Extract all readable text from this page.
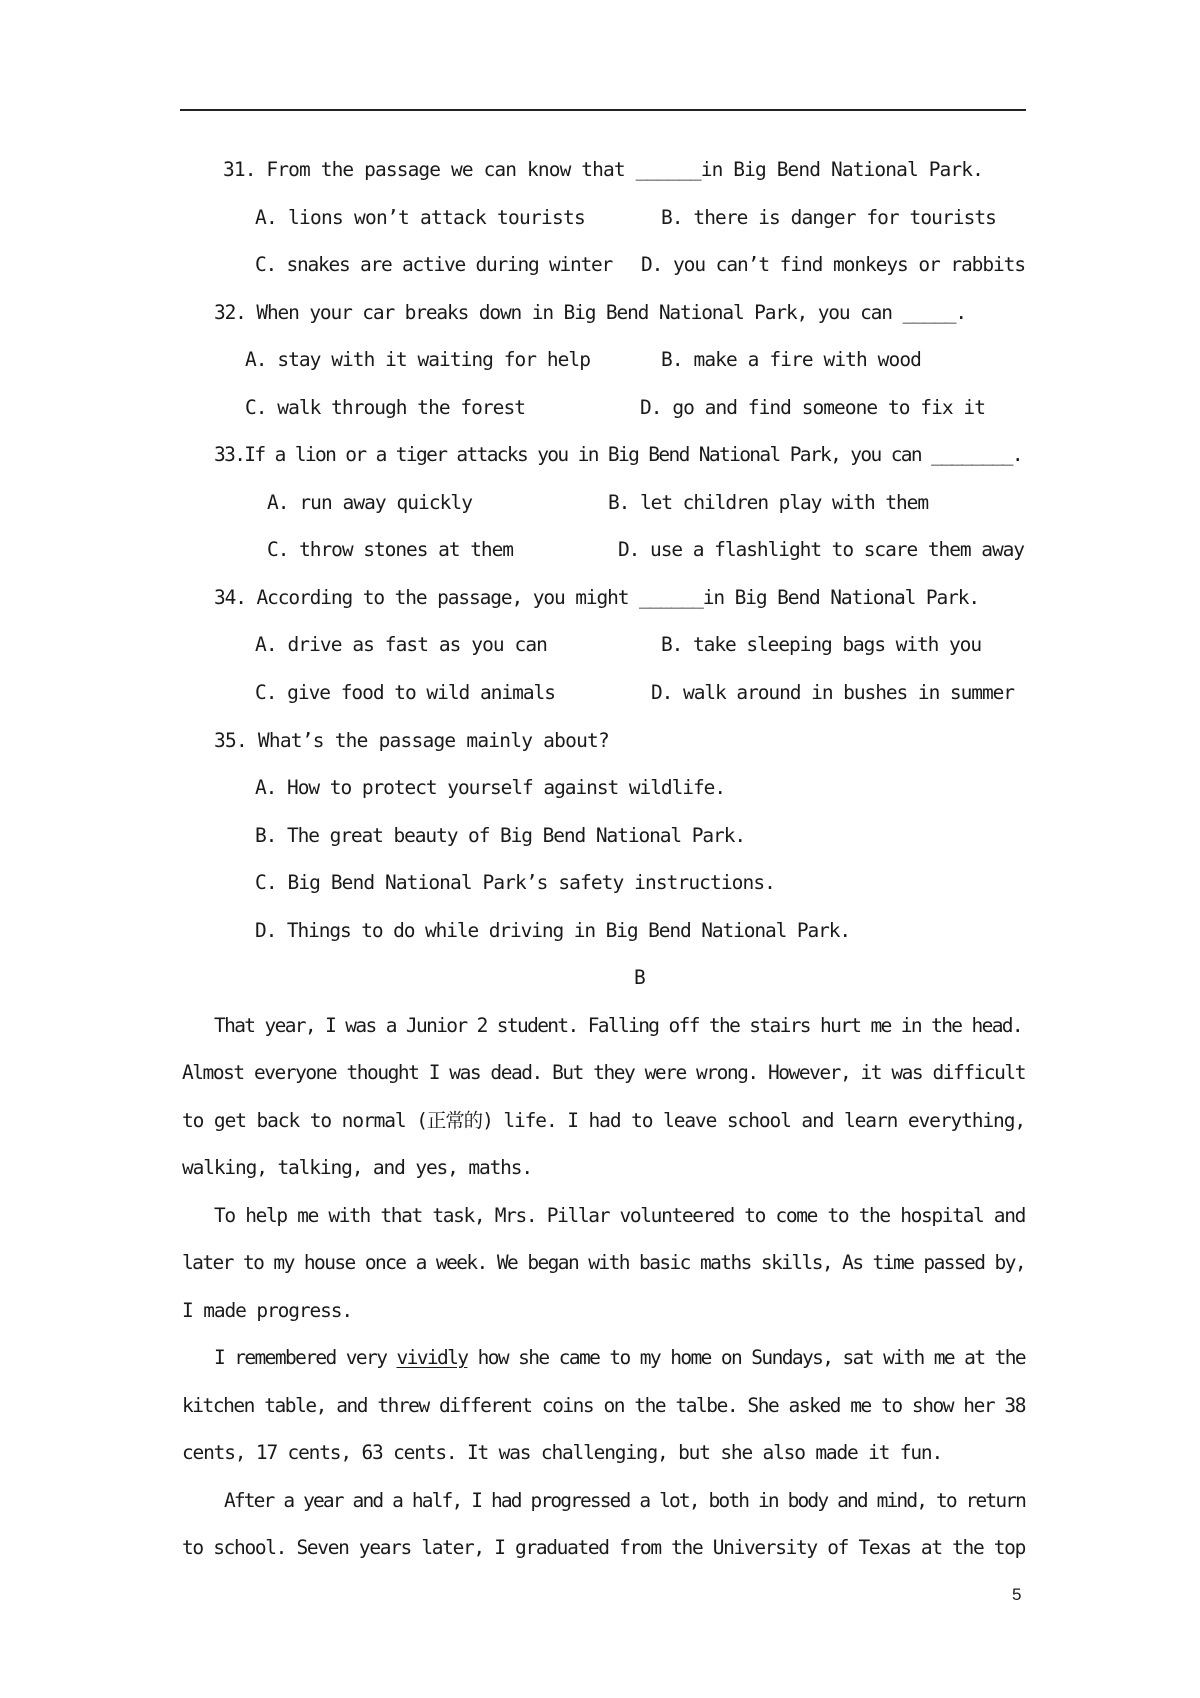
31. From the passage we can know that ______in Big Bend National Park.
A. lions won’t attack tourists	B. there is danger for tourists
C. snakes are active during winter D. you can’t find monkeys or rabbits
32. When your car breaks down in Big Bend National Park, you can _____.
A. stay with it waiting for help	B. make a fire with wood
C. walk through the forest	D. go and find someone to fix it
33.If a lion or a tiger attacks you in Big Bend National Park, you can ________.
A. run away quickly	B. let children play with them
C. throw stones at them	D. use a flashlight to scare them away
34. According to the passage, you might ______in Big Bend National Park.
A. drive as fast as you can	B. take sleeping bags with you
C. give food to wild animals	D. walk around in bushes in summer
35. What’s the passage mainly about?
A. How to protect yourself against wildlife.
B. The great beauty of Big Bend National Park.
C. Big Bend National Park’s safety instructions.
D. Things to do while driving in Big Bend National Park.
B
That year, I was a Junior 2 student. Falling off the stairs hurt me in the head.
Almost everyone thought I was dead. But they were wrong. However, it was difficult
to get back to normal (正常的) life. I had to leave school and learn everything,
walking, talking, and yes, maths.
To help me with that task, Mrs. Pillar volunteered to come to the hospital and
later to my house once a week. We began with basic maths skills, As time passed by,
I made progress.
I remembered very vividly how she came to my home on Sundays, sat with me at the
kitchen table, and threw different coins on the talbe. She asked me to show her 38
cents, 17 cents, 63 cents. It was challenging, but she also made it fun.
After a year and a half, I had progressed a lot, both in body and mind, to return
to school. Seven years later, I graduated from the University of Texas at the top
5
